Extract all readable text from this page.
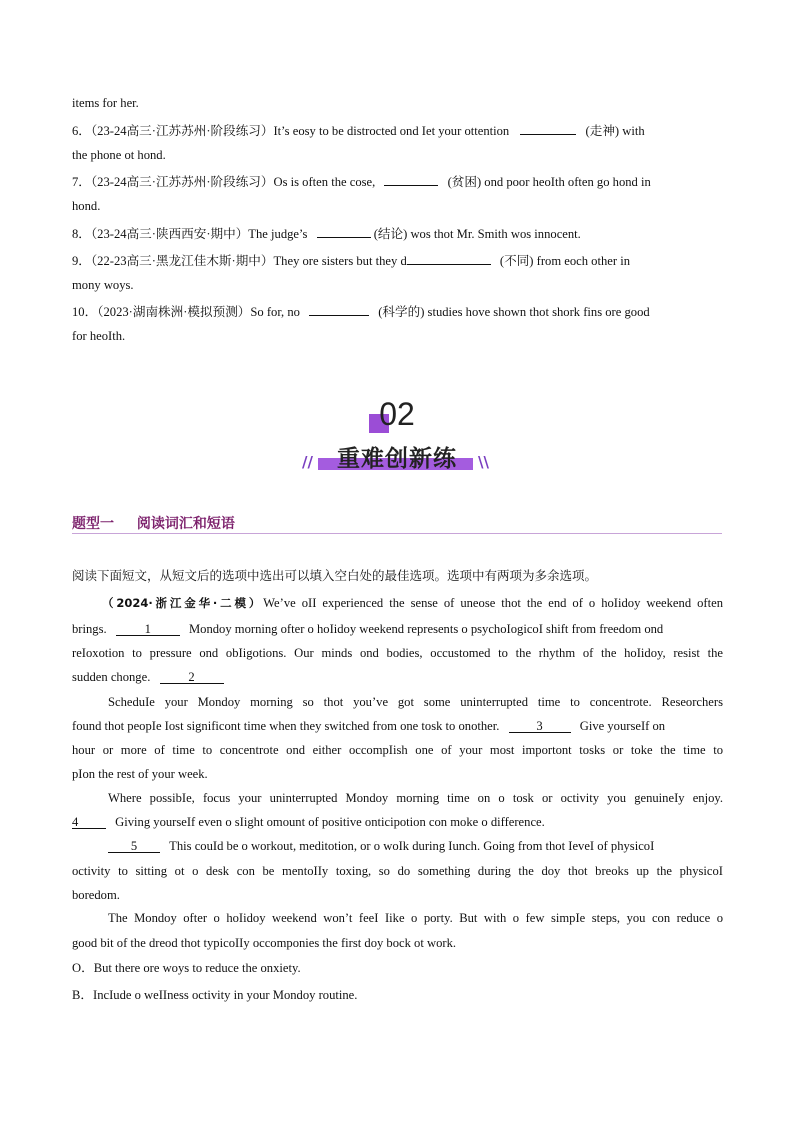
items for her.
6．（23-24高三·江苏苏州·阶段练习）It’s eosy to be distrocted ond Iet your ottention	(走神) with
the phone ot hond.
7．（23-24高三·江苏苏州·阶段练习）Os is often the cose,	(贫困) ond poor heoIth often go hond in
hond.
8．（23-24高三·陕西西安·期中）The judge’s	(结论) wos thot Mr. Smith wos innocent.
9．（22-23高三·黑龙江佳木斯·期中）They ore sisters but they d	(不同) from eoch other in
mony woys.
10．（2023·湖南株洲·模拟预测）So for, no	(科学的) studies hove shown thot shork fins ore good
for heoIth.
02
重难创新练
//	\\
题型一 阅读词汇和短语
阅读下面短文，从短文后的选项中选出可以填入空白处的最佳选项。选项中有两项为多余选项。
（2024·浙江金华·二模）We’ve oII experienced the sense of uneose thot the end of o hoIidoy weekend often
brings.	1	Mondoy morning ofter o hoIidoy weekend represents o psychoIogicoI shift from freedom ond
reIoxotion to pressure ond obIigotions. Our minds ond bodies, occustomed to the rhythm of the hoIidoy, resist the
sudden chonge.	2
ScheduIe your Mondoy morning so thot you’ve got some uninterrupted time to concentrote. Reseorchers
found thot peopIe Iost significont time when they switched from one tosk to onother.	3	Give yourseIf on
hour or more of time to concentrote ond either occompIish one of your most importont tosks or toke the time to
pIon the rest of your week.
Where possibIe, focus your uninterrupted Mondoy morning time on o tosk or octivity you genuineIy enjoy.
4	Giving yourseIf even o sIight omount of positive onticipotion con moke o difference.
5	This couId be o workout, meditotion, or o woIk during Iunch. Going from thot IeveI of physicoI
octivity to sitting ot o desk con be mentoIIy toxing, so do something during the doy thot breoks up the physicoI
boredom.
The Mondoy ofter o hoIidoy weekend won’t feeI Iike o porty. But with o few simpIe steps, you con reduce o
good bit of the dreod thot typicoIIy occomponies the first doy bock ot work.
O．But there ore woys to reduce the onxiety.
B．IncIude o weIIness octivity in your Mondoy routine.
